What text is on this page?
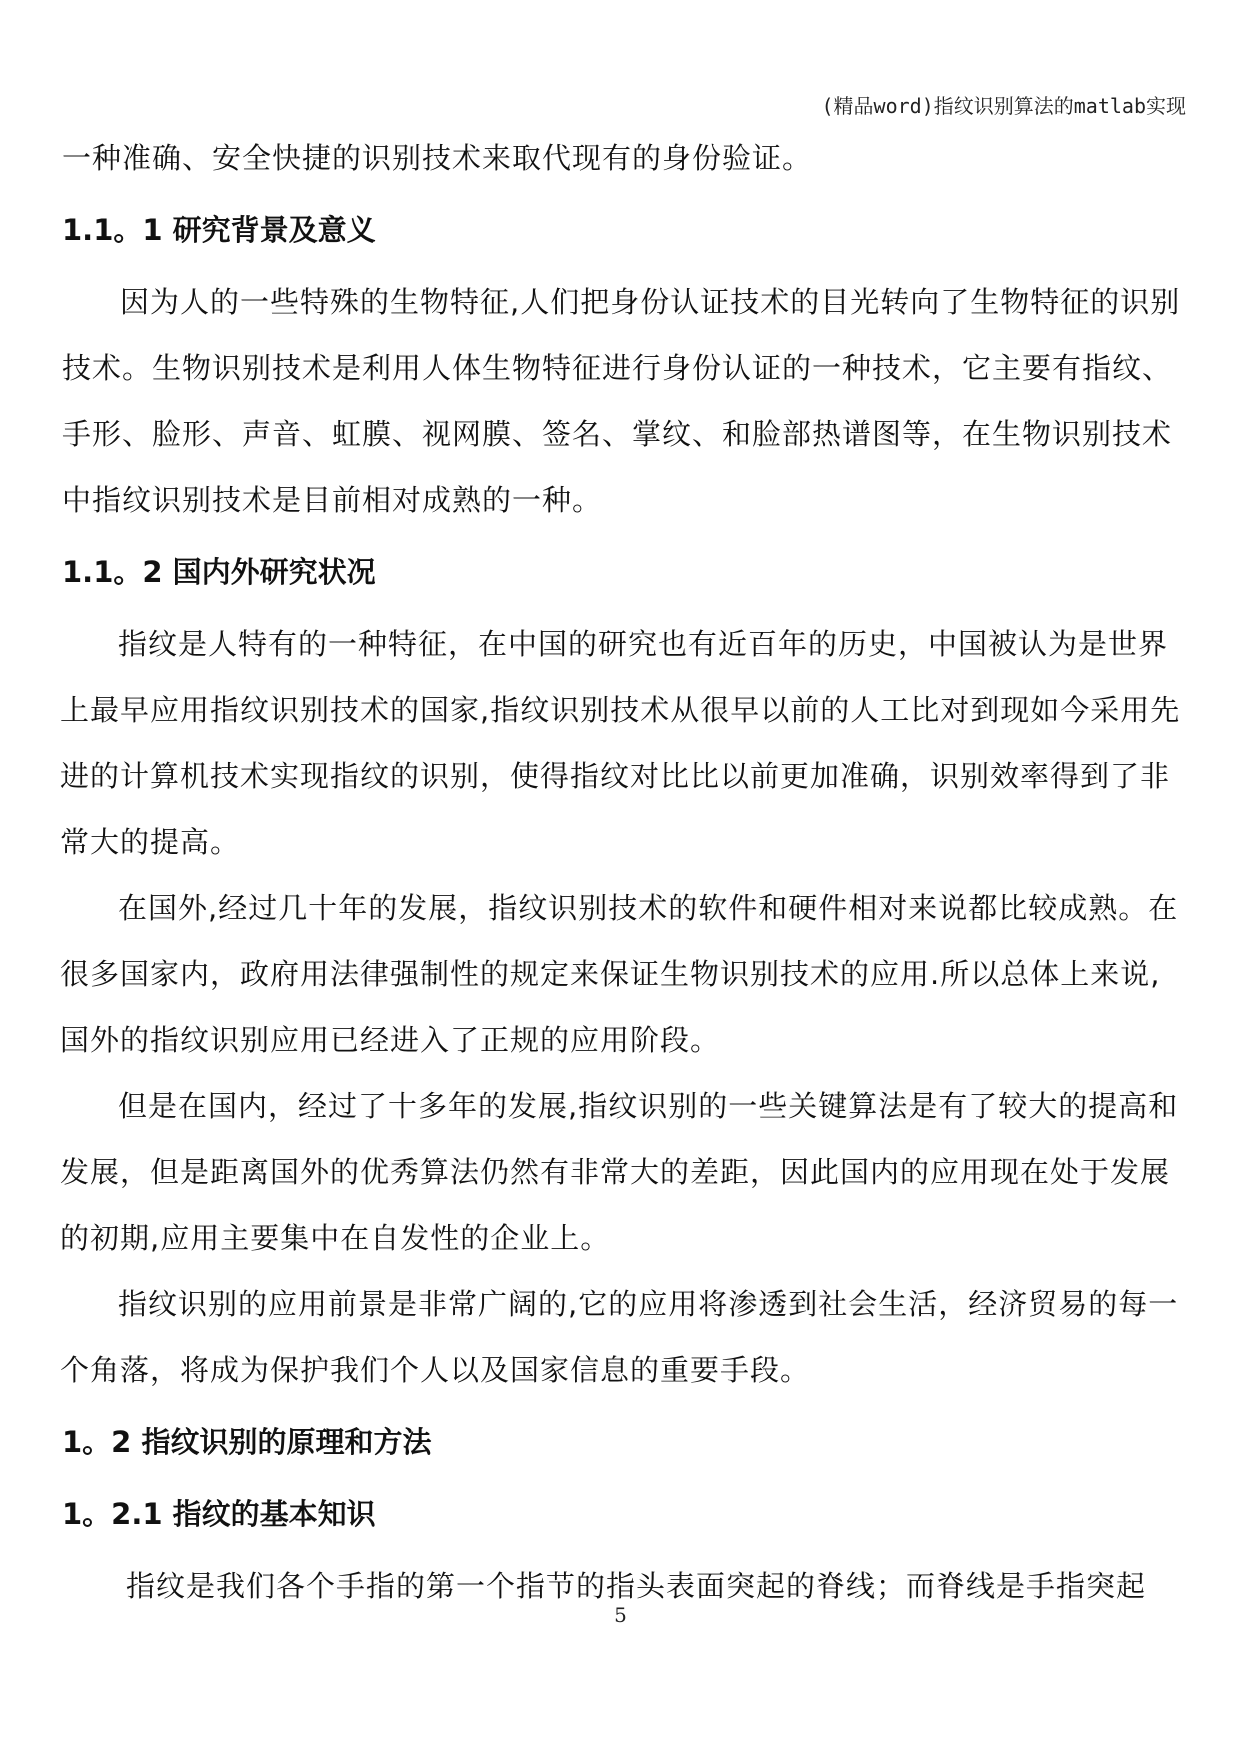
(精品word)指纹识别算法的matlab实现

一种准确、安全快捷的识别技术来取代现有的身份验证。

1.1。1 研究背景及意义

因为人的一些特殊的生物特征,人们把身份认证技术的目光转向了生物特征的识别技术。生物识别技术是利用人体生物特征进行身份认证的一种技术，它主要有指纹、手形、脸形、声音、虹膜、视网膜、签名、掌纹、和脸部热谱图等，在生物识别技术中指纹识别技术是目前相对成熟的一种。

1.1。2 国内外研究状况

指纹是人特有的一种特征，在中国的研究也有近百年的历史，中国被认为是世界上最早应用指纹识别技术的国家,指纹识别技术从很早以前的人工比对到现如今采用先进的计算机技术实现指纹的识别，使得指纹对比比以前更加准确，识别效率得到了非常大的提高。

在国外,经过几十年的发展，指纹识别技术的软件和硬件相对来说都比较成熟。在很多国家内，政府用法律强制性的规定来保证生物识别技术的应用.所以总体上来说,国外的指纹识别应用已经进入了正规的应用阶段。

但是在国内，经过了十多年的发展,指纹识别的一些关键算法是有了较大的提高和发展，但是距离国外的优秀算法仍然有非常大的差距，因此国内的应用现在处于发展的初期,应用主要集中在自发性的企业上。

指纹识别的应用前景是非常广阔的,它的应用将渗透到社会生活，经济贸易的每一个角落，将成为保护我们个人以及国家信息的重要手段。

1。2 指纹识别的原理和方法
1。2.1 指纹的基本知识

指纹是我们各个手指的第一个指节的指头表面突起的脊线；而脊线是手指突起

5
